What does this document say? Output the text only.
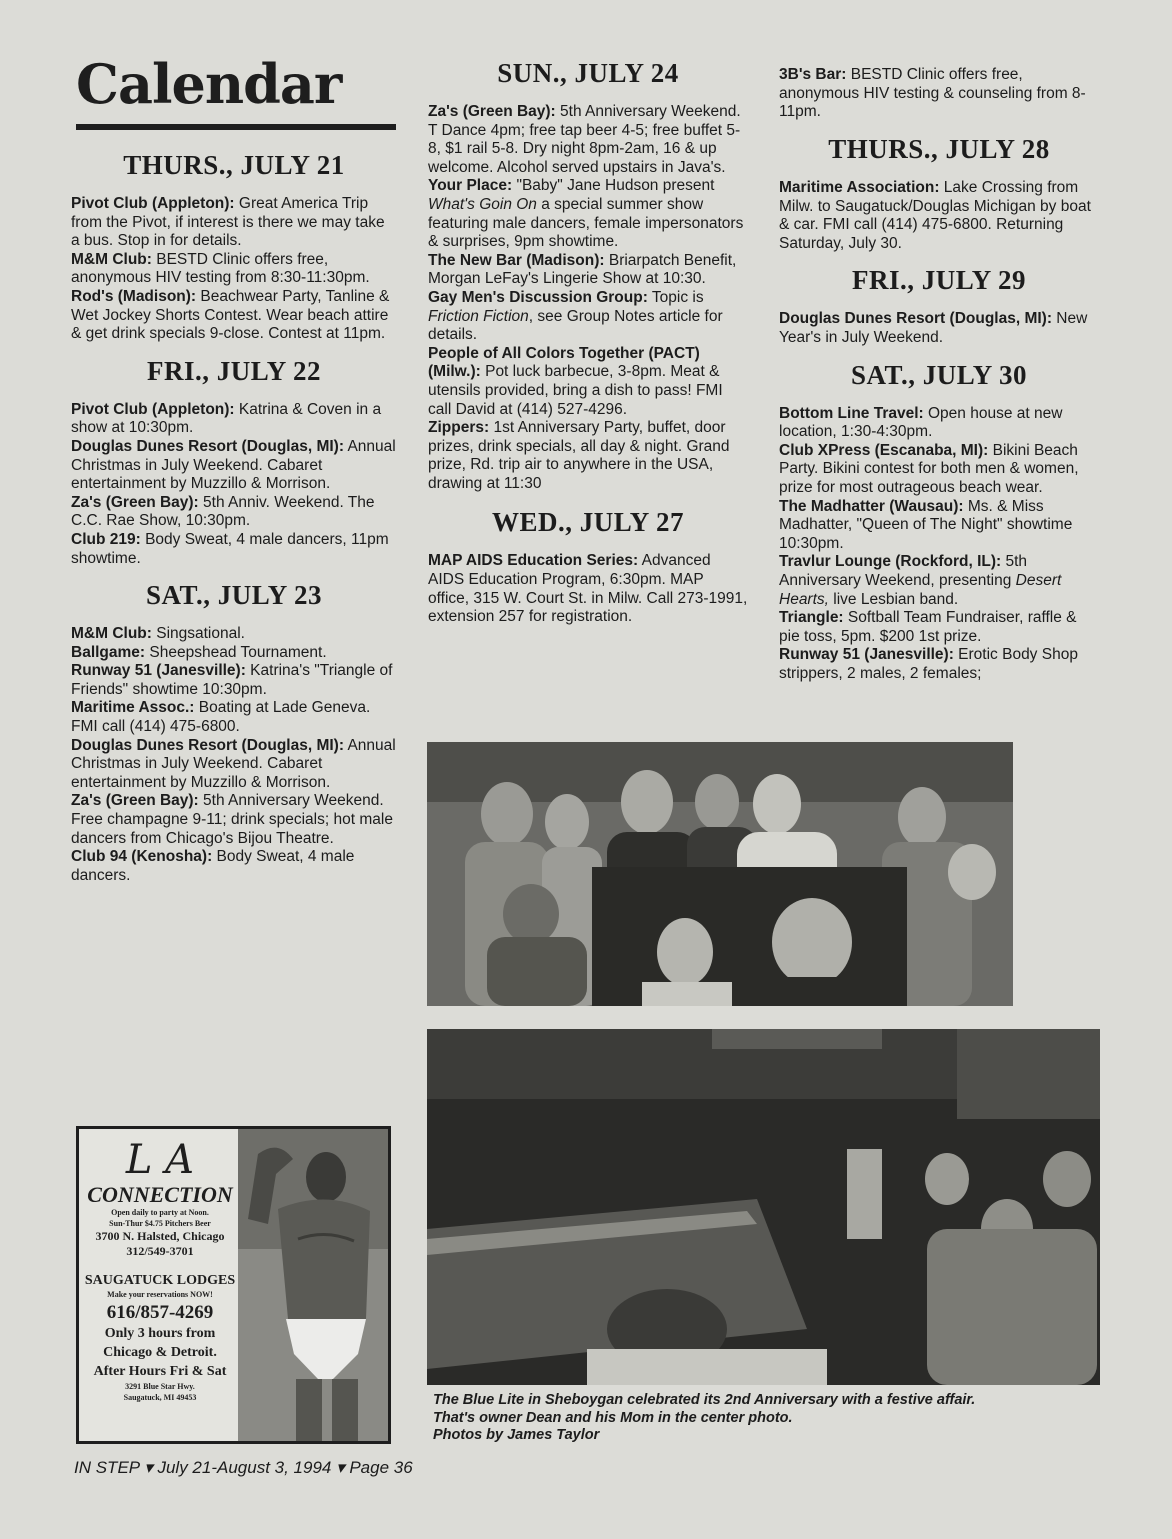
Calendar
THURS., JULY 21

Pivot Club (Appleton): Great America Trip from the Pivot, if interest is there we may take a bus. Stop in for details.

M&M Club: BESTD Clinic offers free, anonymous HIV testing from 8:30-11:30pm.

Rod's (Madison): Beachwear Party, Tanline & Wet Jockey Shorts Contest. Wear beach attire & get drink specials 9-close. Contest at 11pm.

FRI., JULY 22

Pivot Club (Appleton): Katrina & Coven in a show at 10:30pm.

Douglas Dunes Resort (Douglas, MI): Annual Christmas in July Weekend. Cabaret entertainment by Muzzillo & Morrison.

Za's (Green Bay): 5th Anniv. Weekend. The C.C. Rae Show, 10:30pm.

Club 219: Body Sweat, 4 male dancers, 11pm showtime.

SAT., JULY 23

M&M Club: Singsational.

Ballgame: Sheepshead Tournament.

Runway 51 (Janesville): Katrina's "Triangle of Friends" showtime 10:30pm.

Maritime Assoc.: Boating at Lade Geneva. FMI call (414) 475-6800.

Douglas Dunes Resort (Douglas, MI): Annual Christmas in July Weekend. Cabaret entertainment by Muzzillo & Morrison.

Za's (Green Bay): 5th Anniversary Weekend. Free champagne 9-11; drink specials; hot male dancers from Chicago's Bijou Theatre.

Club 94 (Kenosha): Body Sweat, 4 male dancers.

SUN., JULY 24

Za's (Green Bay): 5th Anniversary Weekend. T Dance 4pm; free tap beer 4-5; free buffet 5-8, $1 rail 5-8. Dry night 8pm-2am, 16 & up welcome. Alcohol served upstairs in Java's.

Your Place: "Baby" Jane Hudson present What's Goin On a special summer show featuring male dancers, female impersonators & surprises, 9pm showtime.

The New Bar (Madison): Briarpatch Benefit, Morgan LeFay's Lingerie Show at 10:30.

Gay Men's Discussion Group: Topic is Friction Fiction, see Group Notes article for details.

People of All Colors Together (PACT) (Milw.): Pot luck barbecue, 3-8pm. Meat & utensils provided, bring a dish to pass! FMI call David at (414) 527-4296.

Zippers: 1st Anniversary Party, buffet, door prizes, drink specials, all day & night. Grand prize, Rd. trip air to anywhere in the USA, drawing at 11:30

WED., JULY 27

MAP AIDS Education Series: Advanced AIDS Education Program, 6:30pm. MAP office, 315 W. Court St. in Milw. Call 273-1991, extension 257 for registration.

3B's Bar: BESTD Clinic offers free, anonymous HIV testing & counseling from 8-11pm.

THURS., JULY 28

Maritime Association: Lake Crossing from Milw. to Saugatuck/Douglas Michigan by boat & car. FMI call (414) 475-6800. Returning Saturday, July 30.

FRI., JULY 29

Douglas Dunes Resort (Douglas, MI): New Year's in July Weekend.

SAT., JULY 30

Bottom Line Travel: Open house at new location, 1:30-4:30pm.

Club XPress (Escanaba, MI): Bikini Beach Party. Bikini contest for both men & women, prize for most outrageous beach wear.

The Madhatter (Wausau): Ms. & Miss Madhatter, "Queen of The Night" showtime 10:30pm.

Travlur Lounge (Rockford, IL): 5th Anniversary Weekend, presenting Desert Hearts, live Lesbian band.

Triangle: Softball Team Fundraiser, raffle & pie toss, 5pm. $200 1st prize.

Runway 51 (Janesville): Erotic Body Shop strippers, 2 males, 2 females;

L A
CONNECTION
Open daily to party at Noon.
Sun-Thur $4.75 Pitchers Beer
3700 N. Halsted, Chicago
312/549-3701
SAUGATUCK LODGES
Make your reservations NOW!
616/857-4269
Only 3 hours from
Chicago & Detroit.
After Hours Fri & Sat
3291 Blue Star Hwy.
Saugatuck, MI 49453	The Blue Lite in Sheboygan celebrated its 2nd Anniversary with a festive affair.
That's owner Dean and his Mom in the center photo.
Photos by James Taylor
IN STEP ▾ July 21-August 3, 1994 ▾ Page 36
